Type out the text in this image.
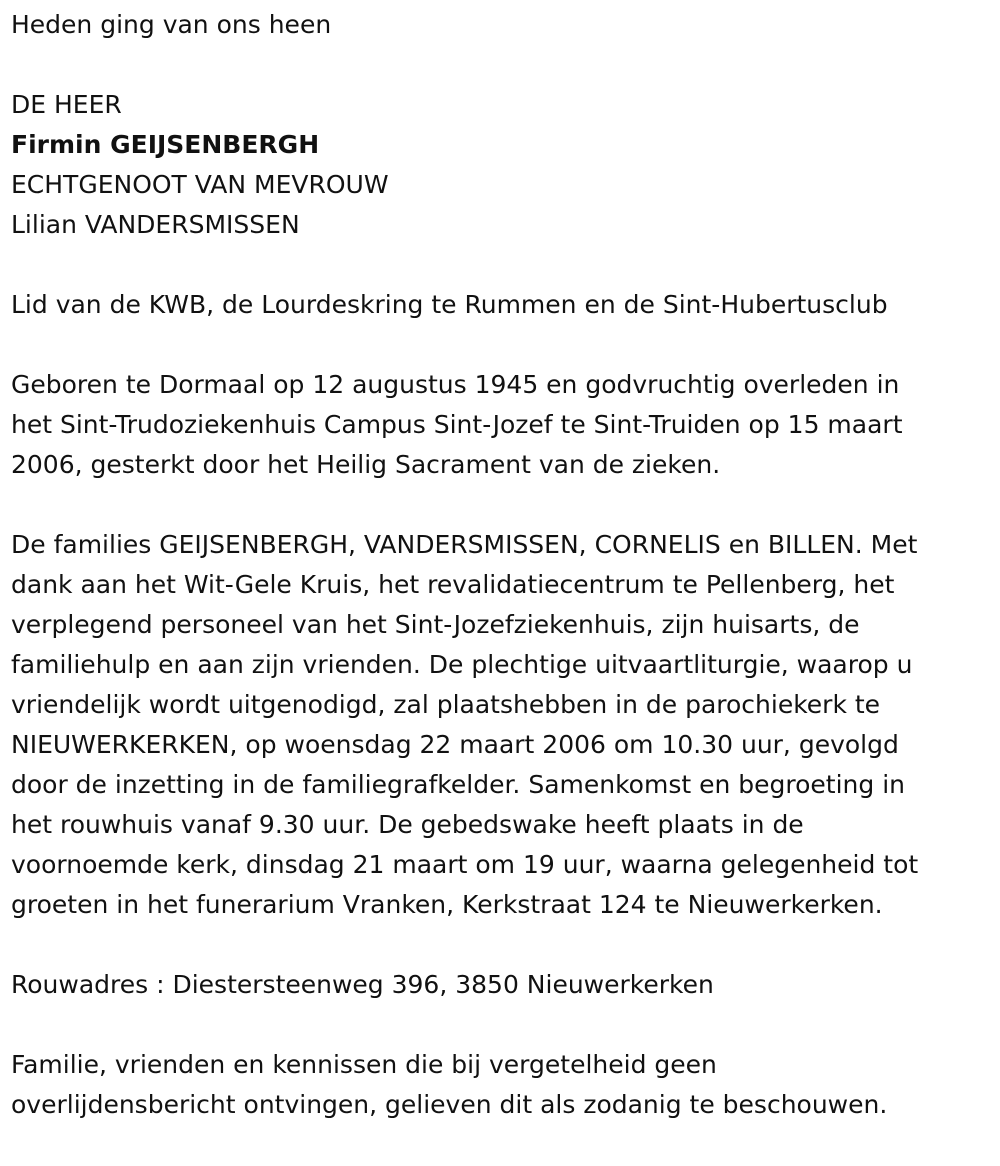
Heden ging van ons heen
DE HEER
Firmin GEIJSENBERGH
ECHTGENOOT VAN MEVROUW
Lilian VANDERSMISSEN
Lid van de KWB, de Lourdeskring te Rummen en de Sint-Hubertusclub
Geboren te Dormaal op 12 augustus 1945 en godvruchtig overleden in
het Sint-Trudoziekenhuis Campus Sint-Jozef te Sint-Truiden op 15 maart
2006, gesterkt door het Heilig Sacrament van de zieken.
De families GEIJSENBERGH, VANDERSMISSEN, CORNELIS en BILLEN. Met
dank aan het Wit-Gele Kruis, het revalidatiecentrum te Pellenberg, het
verplegend personeel van het Sint-Jozefziekenhuis, zijn huisarts, de
familiehulp en aan zijn vrienden. De plechtige uitvaartliturgie, waarop u
vriendelijk wordt uitgenodigd, zal plaatshebben in de parochiekerk te
NIEUWERKERKEN, op woensdag 22 maart 2006 om 10.30 uur, gevolgd
door de inzetting in de familiegrafkelder. Samenkomst en begroeting in
het rouwhuis vanaf 9.30 uur. De gebedswake heeft plaats in de
voornoemde kerk, dinsdag 21 maart om 19 uur, waarna gelegenheid tot
groeten in het funerarium Vranken, Kerkstraat 124 te Nieuwerkerken.
Rouwadres : Diestersteenweg 396, 3850 Nieuwerkerken
Familie, vrienden en kennissen die bij vergetelheid geen
overlijdensbericht ontvingen, gelieven dit als zodanig te beschouwen.
